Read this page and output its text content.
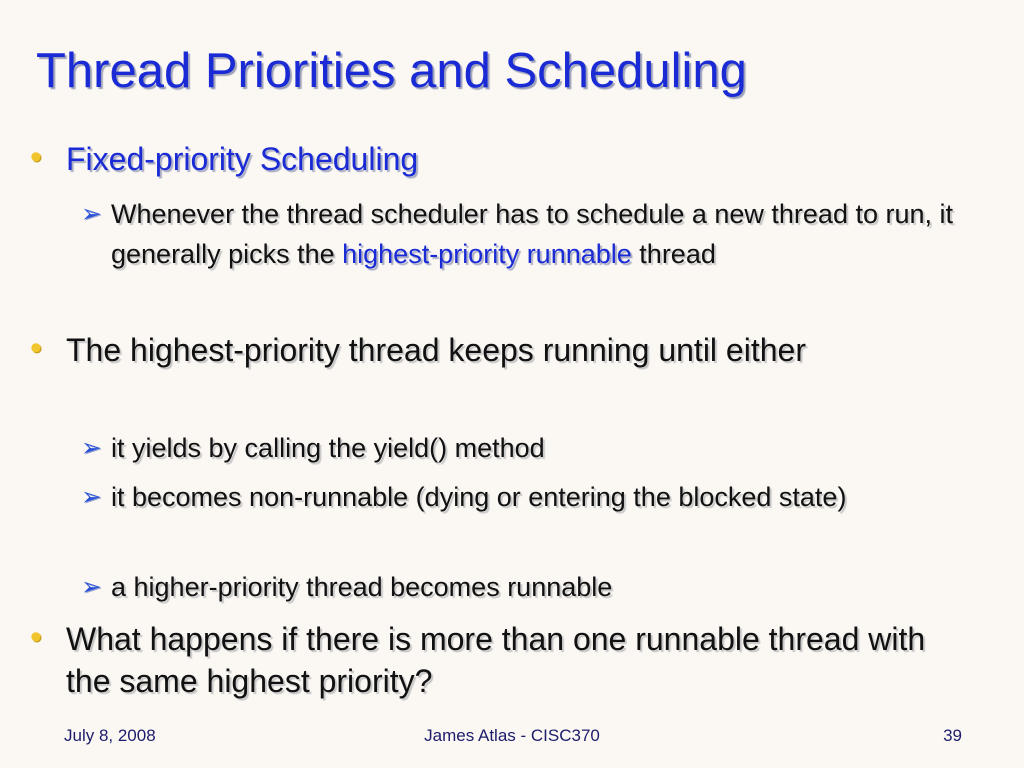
Thread Priorities and Scheduling
• Fixed-priority Scheduling
➢ Whenever the thread scheduler has to schedule a new thread to run, it generally picks the highest-priority runnable thread
• The highest-priority thread keeps running until either
➢ it yields by calling the yield() method
➢ it becomes non-runnable (dying or entering the blocked state)
➢ a higher-priority thread becomes runnable
• What happens if there is more than one runnable thread with the same highest priority?
July 8, 2008	James Atlas - CISC370	39
